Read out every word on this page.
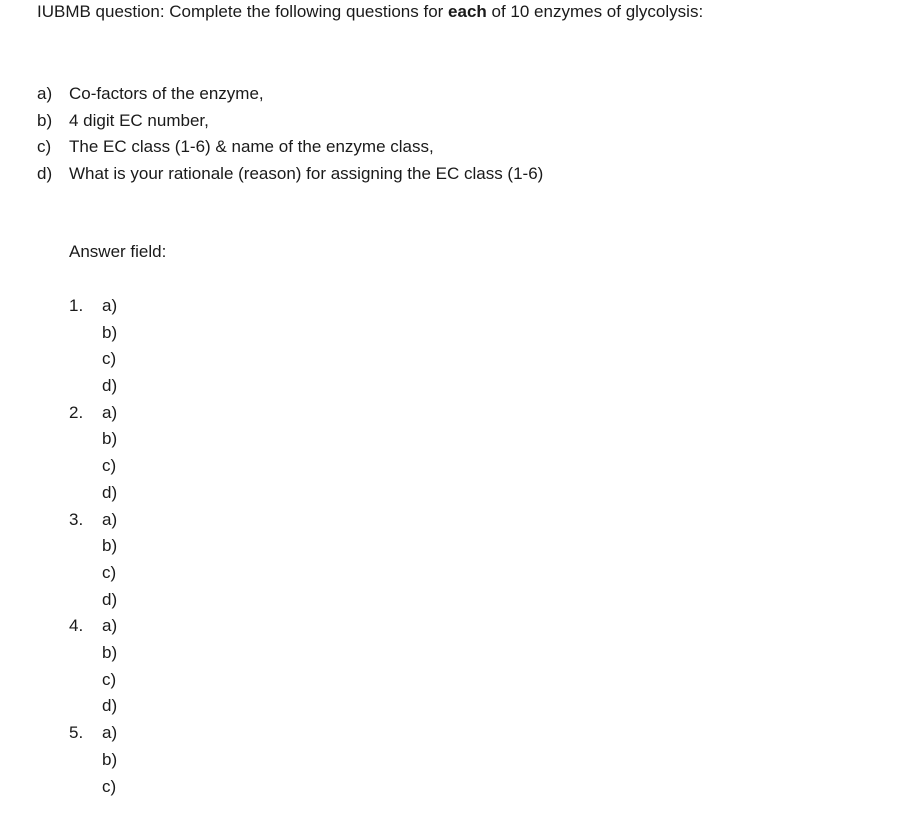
IUBMB question: Complete the following questions for each of 10 enzymes of glycolysis:
a) Co-factors of the enzyme,
b) 4 digit EC number,
c) The EC class (1-6) & name of the enzyme class,
d) What is your rationale (reason) for assigning the EC class (1-6)
Answer field:
1. a)
b)
c)
d)
2. a)
b)
c)
d)
3. a)
b)
c)
d)
4. a)
b)
c)
d)
5. a)
b)
c)
